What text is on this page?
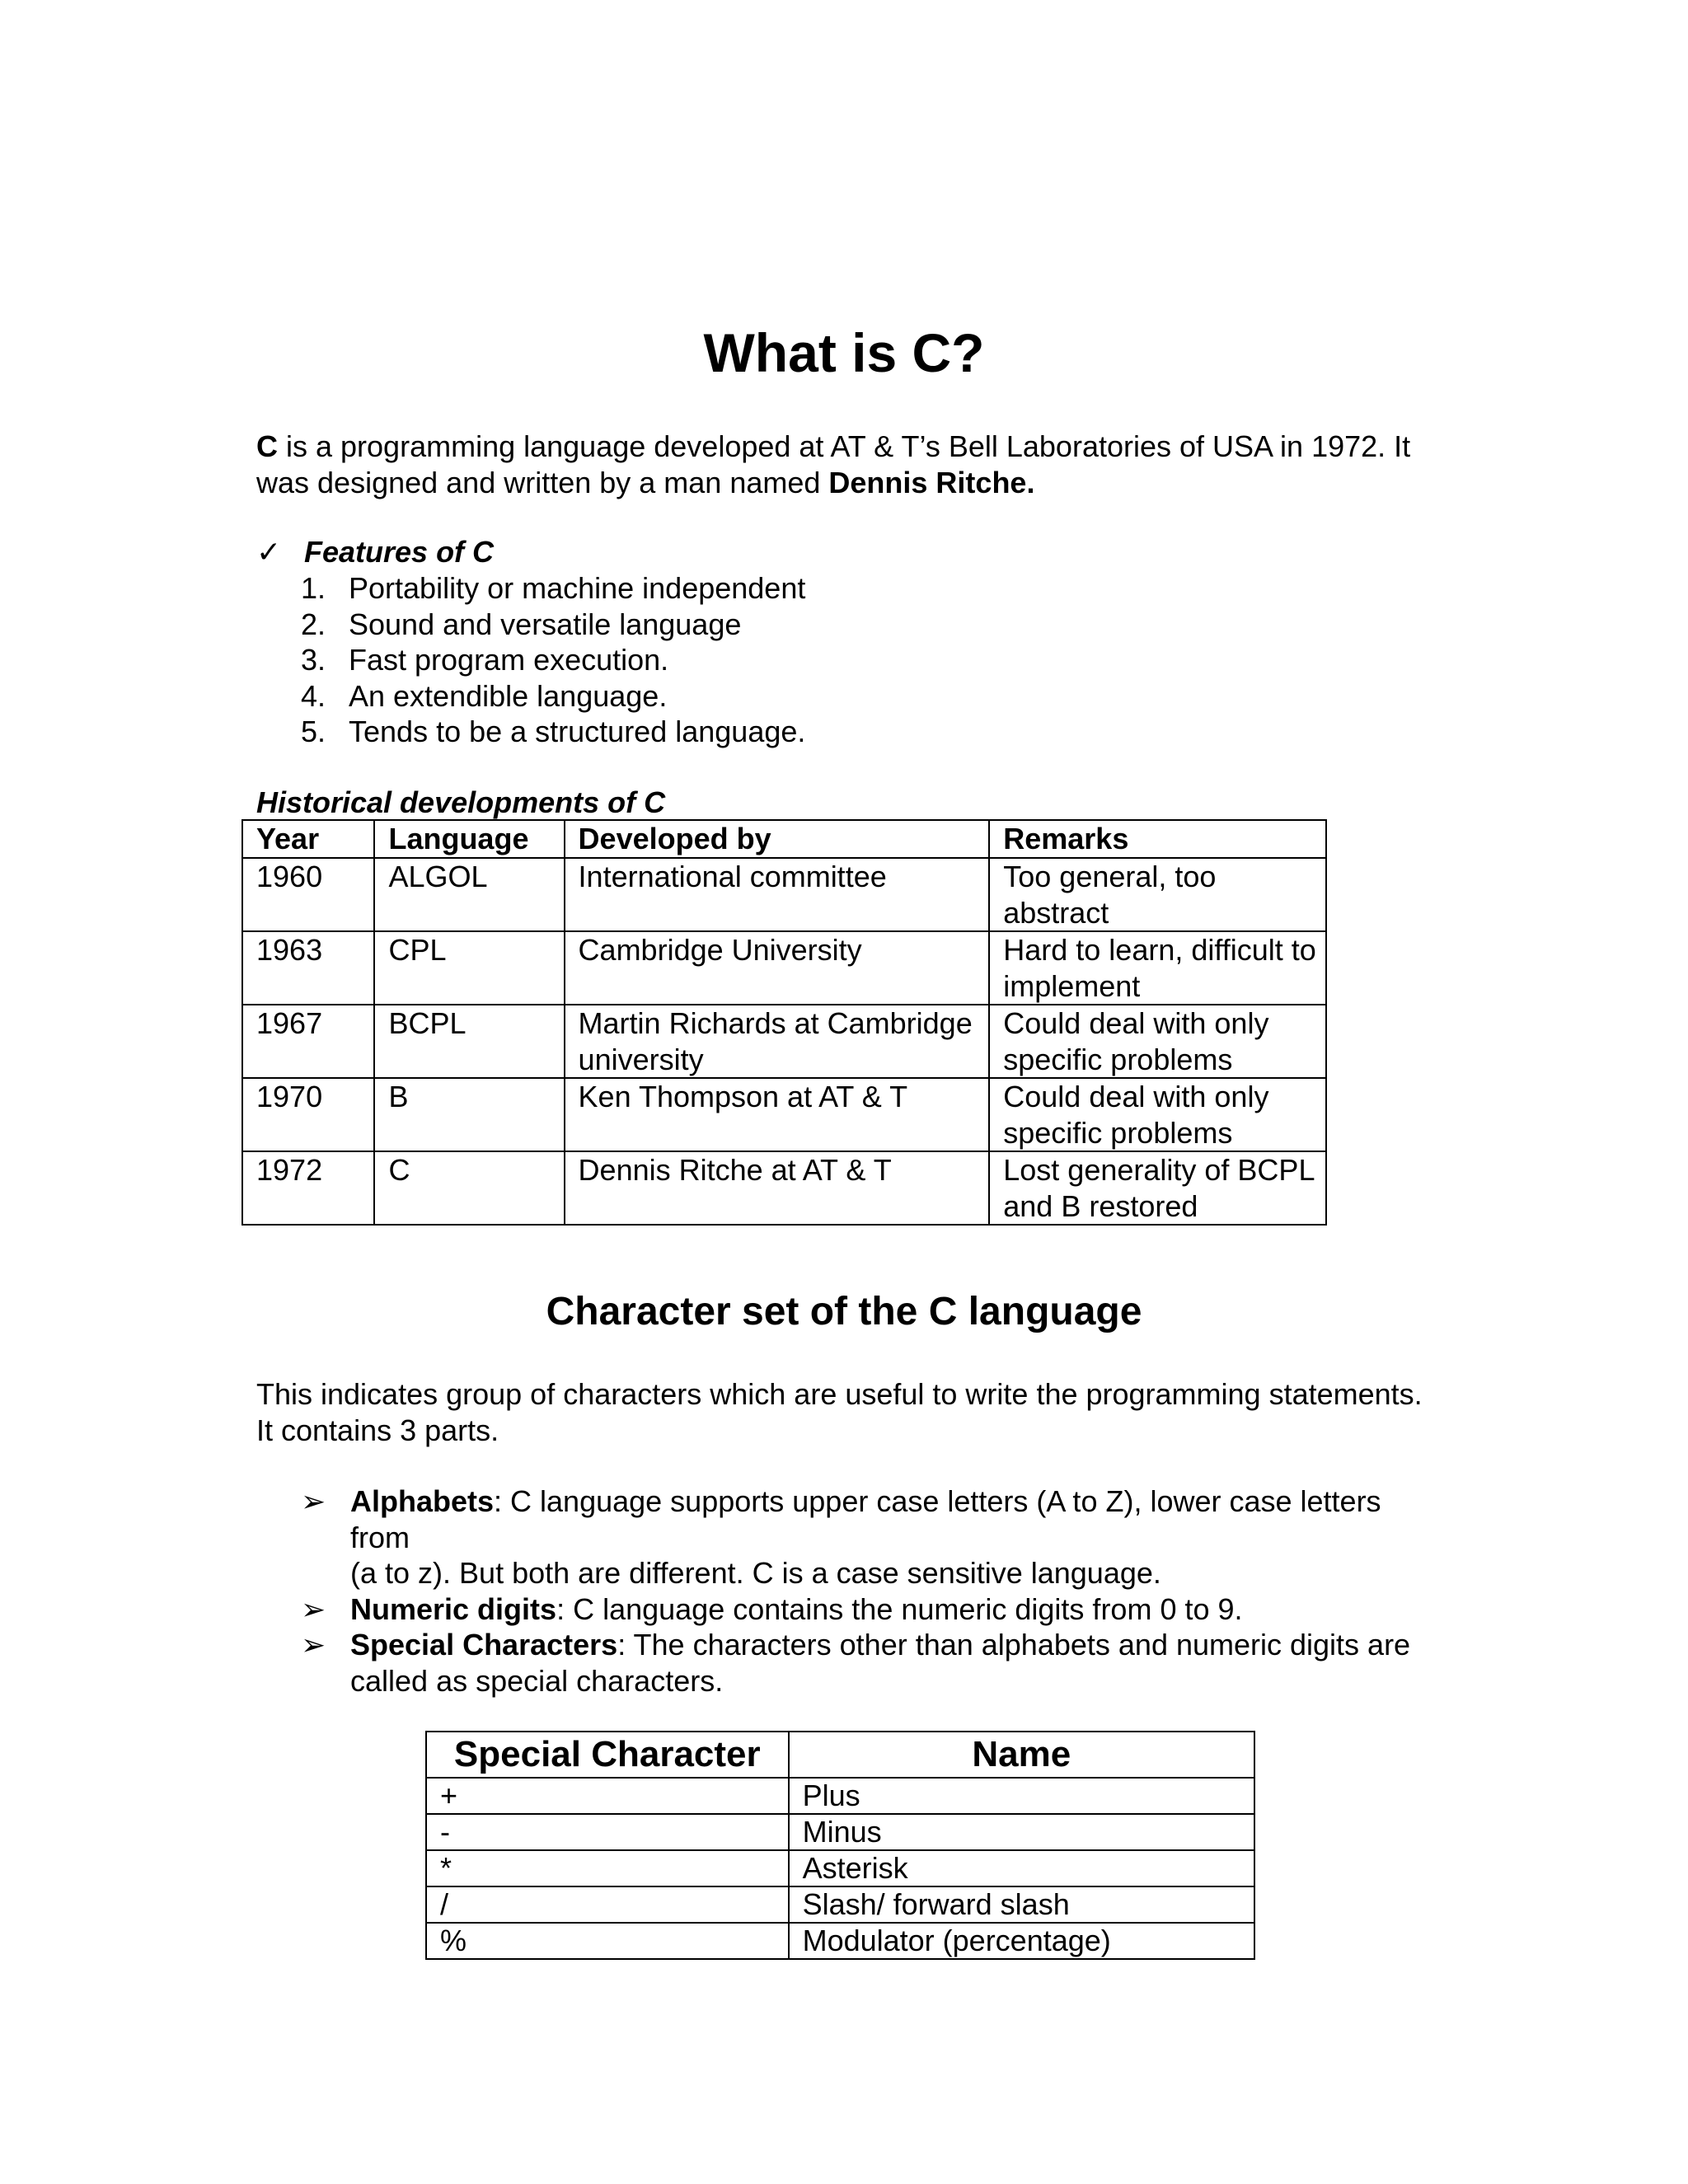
What is C?
C is a programming language developed at AT & T’s Bell Laboratories of USA in 1972. It was designed and written by a man named Dennis Ritche.
✓ Features of C
1. Portability or machine independent
2. Sound and versatile language
3. Fast program execution.
4. An extendible language.
5. Tends to be a structured language.
Historical developments of C
Year	Language	Developed by	Remarks
1960	ALGOL	International committee	Too general, too abstract
1963	CPL	Cambridge University	Hard to learn, difficult to implement
1967	BCPL	Martin Richards at Cambridge university	Could deal with only specific problems
1970	B	Ken Thompson at AT & T	Could deal with only specific problems
1972	C	Dennis Ritche at AT & T	Lost generality of BCPL and B restored
Character set of the C language
This indicates group of characters which are useful to write the programming statements. It contains 3 parts.
➢ Alphabets: C language supports upper case letters (A to Z), lower case letters from
(a to z). But both are different. C is a case sensitive language.
➢ Numeric digits: C language contains the numeric digits from 0 to 9.
➢ Special Characters: The characters other than alphabets and numeric digits are called as special characters.
Special Character	Name
+	Plus
-	Minus
*	Asterisk
/	Slash/ forward slash
%	Modulator (percentage)
